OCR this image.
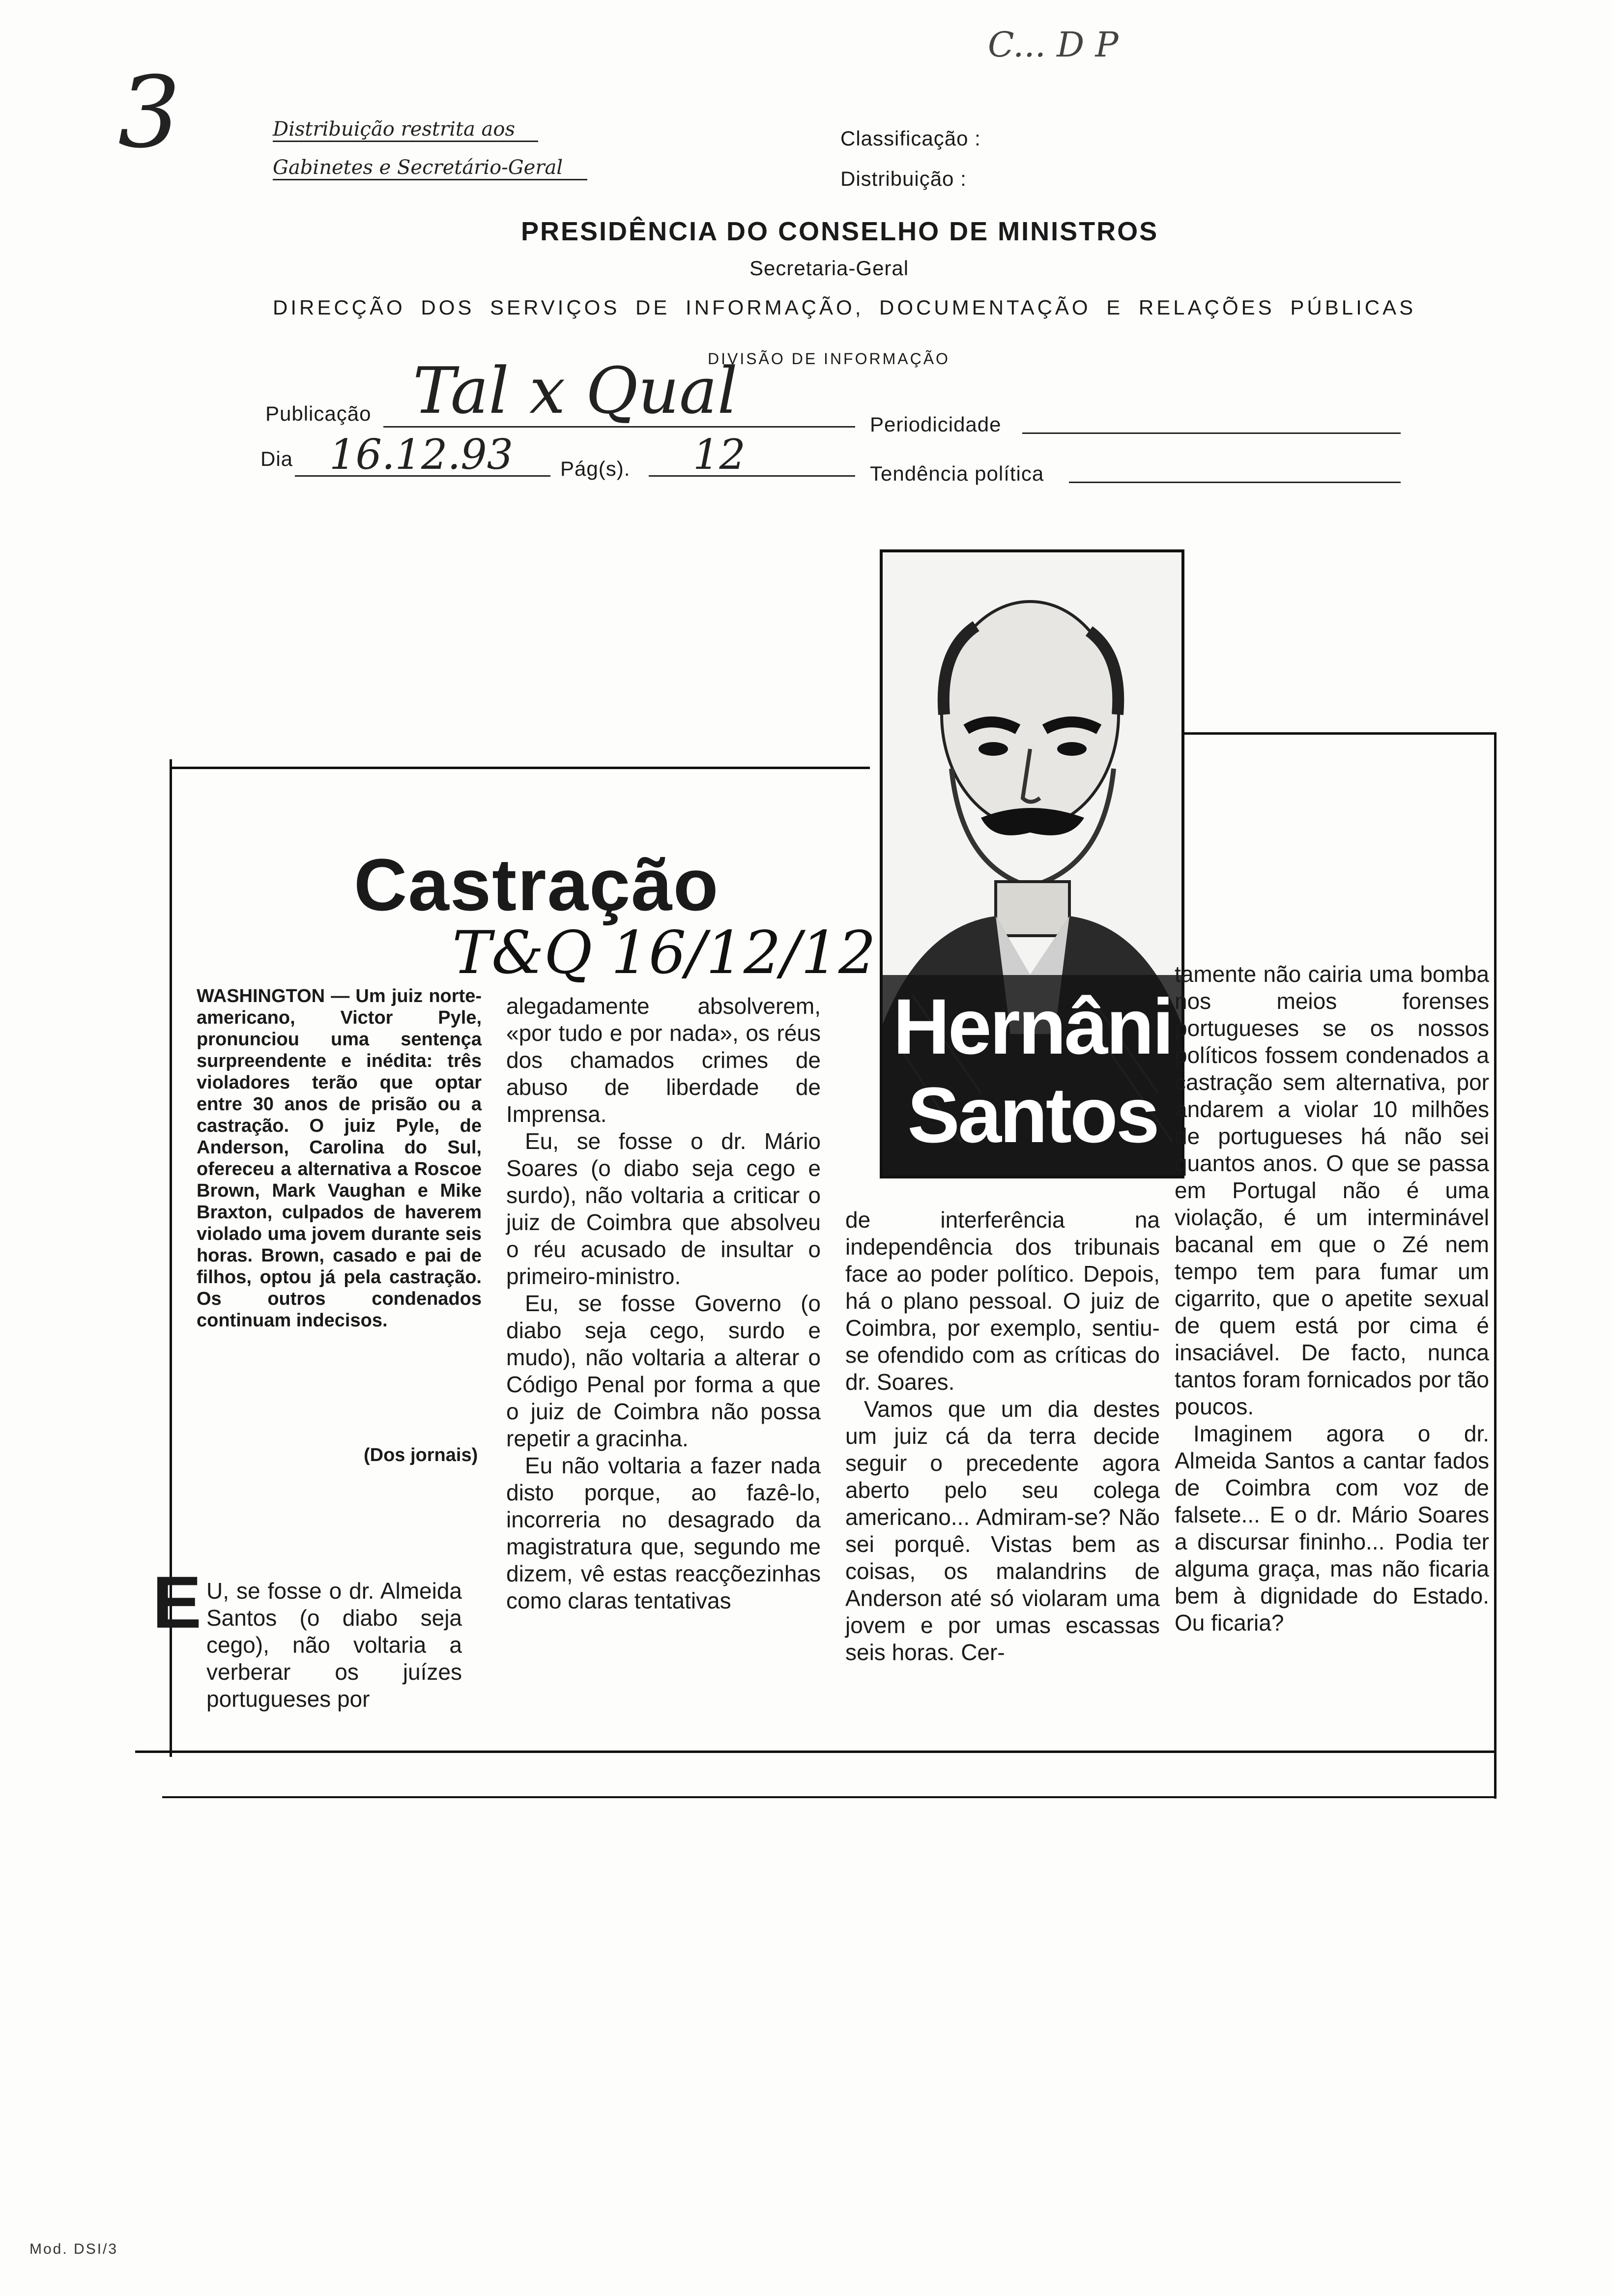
3
C... D P
Distribuição restrita aos
Gabinetes e Secretário-Geral
Classificação :
Distribuição :
PRESIDÊNCIA DO CONSELHO DE MINISTROS
Secretaria-Geral
DIRECÇÃO DOS SERVIÇOS DE INFORMAÇÃO, DOCUMENTAÇÃO E RELAÇÕES PÚBLICAS
DIVISÃO DE INFORMAÇÃO
Publicação Tal x Qual	Periodicidade
Dia 16.12.93	Pág(s).	12	Tendência política
Hernâni
Santos
Castração
T&Q 16/12/12
WASHINGTON — Um juiz norte-americano, Victor Pyle, pronunciou uma sentença surpreendente e inédita: três violadores terão que optar entre 30 anos de prisão ou a castração. O juiz Pyle, de Anderson, Carolina do Sul, ofereceu a alternativa a Roscoe Brown, Mark Vaughan e Mike Braxton, culpados de haverem violado uma jovem durante seis horas. Brown, casado e pai de filhos, optou já pela castração. Os outros condenados continuam indecisos.
(Dos jornais)
E U, se fosse o dr. Almeida Santos (o diabo seja cego), não voltaria a verberar os juízes portugueses por

alegadamente absolverem, «por tudo e por nada», os réus dos chamados crimes de abuso de liberdade de Imprensa.

Eu, se fosse o dr. Mário Soares (o diabo seja cego e surdo), não voltaria a criticar o juiz de Coimbra que absolveu o réu acusado de insultar o primeiro-ministro.

Eu, se fosse Governo (o diabo seja cego, surdo e mudo), não voltaria a alterar o Código Penal por forma a que o juiz de Coimbra não possa repetir a gracinha.

Eu não voltaria a fazer nada disto porque, ao fazê-lo, incorreria no desagrado da magistratura que, segundo me dizem, vê estas reacçõezinhas como claras tentativas

de interferência na independência dos tribunais face ao poder político. Depois, há o plano pessoal. O juiz de Coimbra, por exemplo, sentiu-se ofendido com as críticas do dr. Soares.

Vamos que um dia destes um juiz cá da terra decide seguir o precedente agora aberto pelo seu colega americano... Admiram-se? Não sei porquê. Vistas bem as coisas, os malandrins de Anderson até só violaram uma jovem e por umas escassas seis horas. Cer-

tamente não cairia uma bomba nos meios forenses portugueses se os nossos políticos fossem condenados a castração sem alternativa, por andarem a violar 10 milhões de portugueses há não sei quantos anos. O que se passa em Portugal não é uma violação, é um interminável bacanal em que o Zé nem tempo tem para fumar um cigarrito, que o apetite sexual de quem está por cima é insaciável. De facto, nunca tantos foram fornicados por tão poucos.

Imaginem agora o dr. Almeida Santos a cantar fados de Coimbra com voz de falsete... E o dr. Mário Soares a discursar fininho... Podia ter alguma graça, mas não ficaria bem à dignidade do Estado. Ou ficaria?

Mod. DSI/3
